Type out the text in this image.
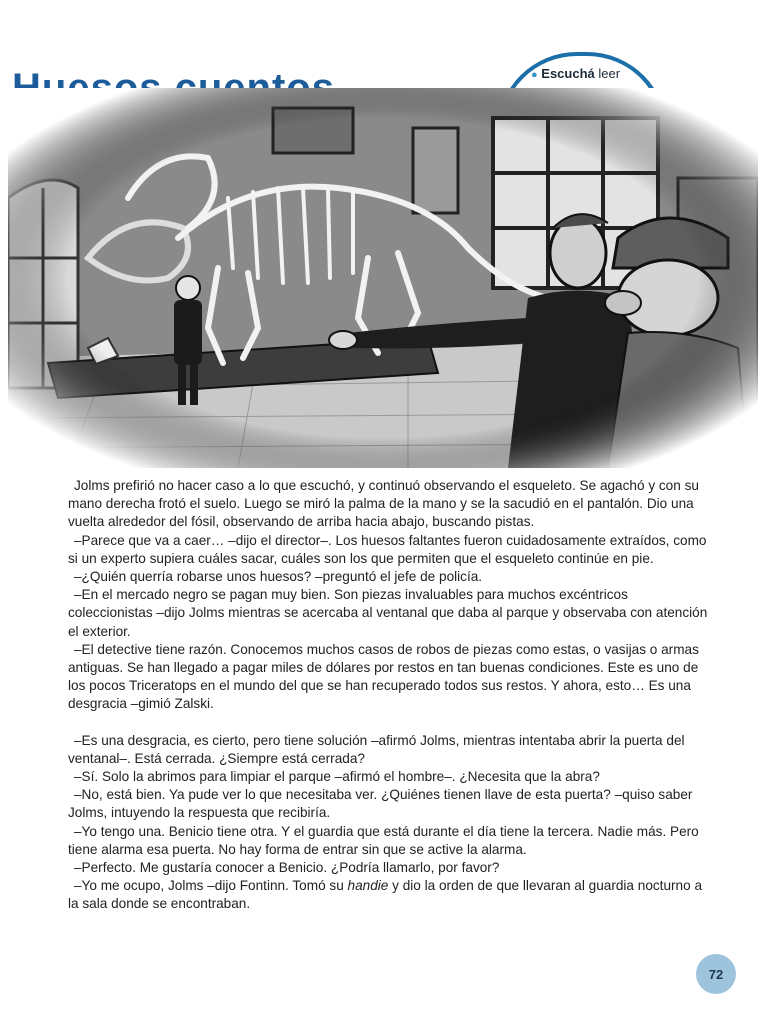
● Escuchá leer

Jolms prefirió no hacer caso a lo que escuchó, y continuó observando el esqueleto. Se agachó y con su mano derecha frotó el suelo. Luego se miró la palma de la mano y se la sacudió en el pantalón. Dio una vuelta alrededor del fósil, observando de arriba hacia abajo, buscando pistas.

–Parece que va a caer… –dijo el director–. Los huesos faltantes fueron cuidadosamente extraídos, como si un experto supiera cuáles sacar, cuáles son los que permiten que el esqueleto continúe en pie.

–¿Quién querría robarse unos huesos? –preguntó el jefe de policía.

–En el mercado negro se pagan muy bien. Son piezas invaluables para muchos excéntricos coleccionistas –dijo Jolms mientras se acercaba al ventanal que daba al parque y observaba con atención el exterior.

–El detective tiene razón. Conocemos muchos casos de robos de piezas como estas, o vasijas o armas antiguas. Se han llegado a pagar miles de dólares por restos en tan buenas condiciones. Este es uno de los pocos Triceratops en el mundo del que se han recuperado todos sus restos. Y ahora, esto… Es una desgracia –gimió Zalski.

–Es una desgracia, es cierto, pero tiene solución –afirmó Jolms, mientras intentaba abrir la puerta del ventanal–. Está cerrada. ¿Siempre está cerrada?

–Sí. Solo la abrimos para limpiar el parque –afirmó el hombre–. ¿Necesita que la abra?

–No, está bien. Ya pude ver lo que necesitaba ver. ¿Quiénes tienen llave de esta puerta? –quiso saber Jolms, intuyendo la respuesta que recibiría.

–Yo tengo una. Benicio tiene otra. Y el guardia que está durante el día tiene la tercera. Nadie más. Pero tiene alarma esa puerta. No hay forma de entrar sin que se active la alarma.

–Perfecto. Me gustaría conocer a Benicio. ¿Podría llamarlo, por favor?

–Yo me ocupo, Jolms –dijo Fontinn. Tomó su handie y dio la orden de que llevaran al guardia nocturno a la sala donde se encontraban.

72
